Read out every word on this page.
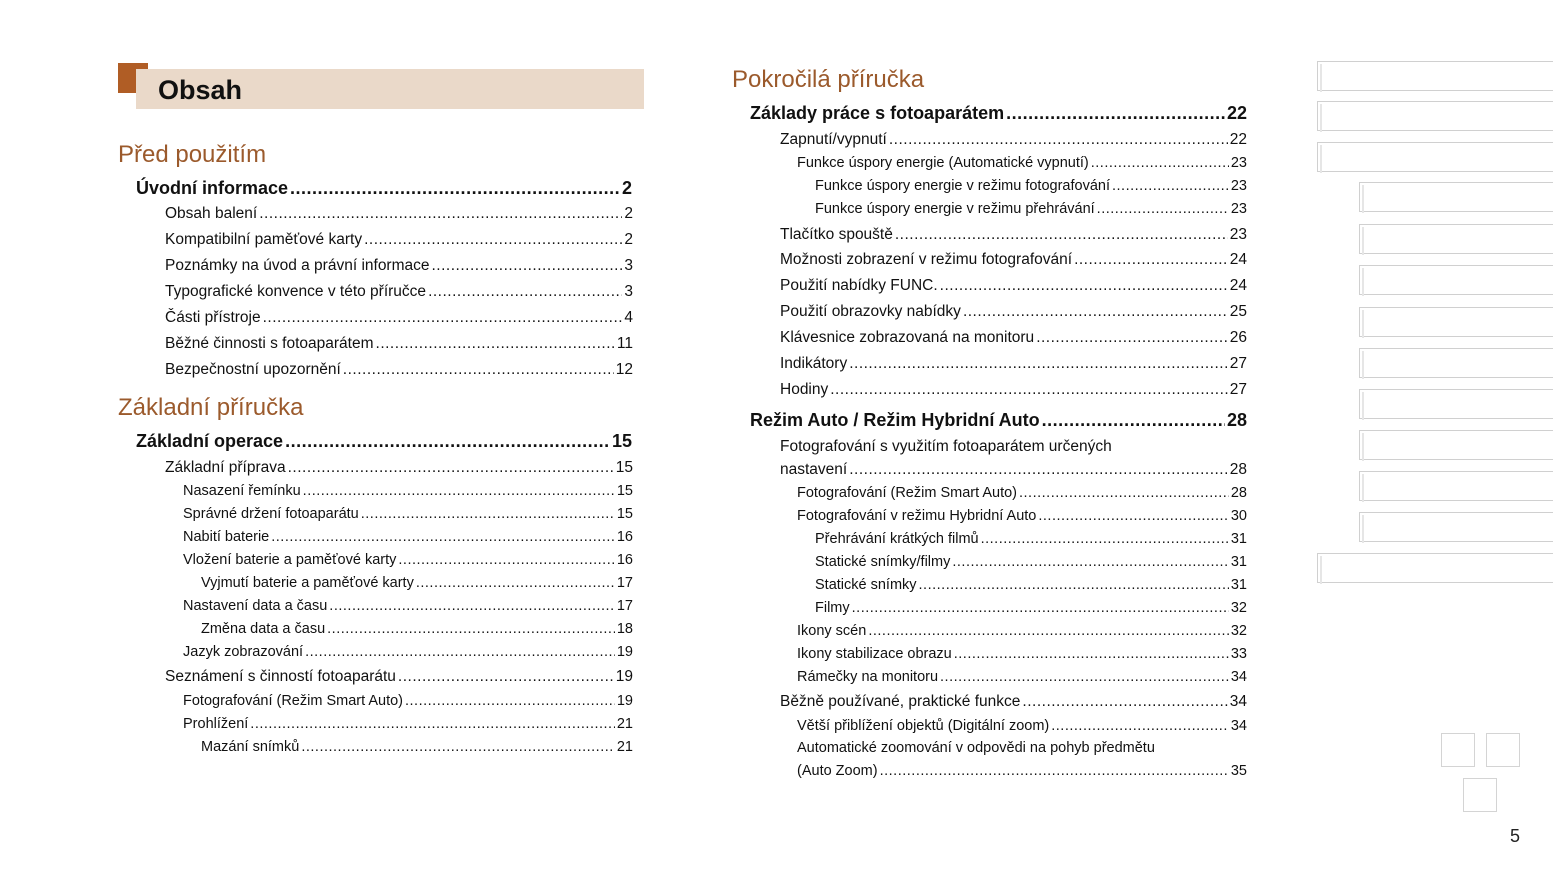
Obsah
Před použitím
Úvodní informace .....	2
Obsah balení .....	2
Kompatibilní paměťové karty .....	2
Poznámky na úvod a právní informace .....	3
Typografické konvence v této příručce .....	3
Části přístroje .....	4
Běžné činnosti s fotoaparátem .....	11
Bezpečnostní upozornění .....	12
Základní příručka
Základní operace .....	15
Základní příprava .....	15
Nasazení řemínku .....	15
Správné držení fotoaparátu .....	15
Nabití baterie .....	16
Vložení baterie a paměťové karty .....	16
Vyjmutí baterie a paměťové karty .....	17
Nastavení data a času .....	17
Změna data a času .....	18
Jazyk zobrazování .....	19
Seznámení s činností fotoaparátu .....	19
Fotografování (Režim Smart Auto) .....	19
Prohlížení .....	21
Mazání snímků .....	21
Pokročilá příručka
Základy práce s fotoaparátem .....	22
Zapnutí/vypnutí .....	22
Funkce úspory energie (Automatické vypnutí) .....	23
Funkce úspory energie v režimu fotografování .....	23
Funkce úspory energie v režimu přehrávání .....	23
Tlačítko spouště .....	23
Možnosti zobrazení v režimu fotografování .....	24
Použití nabídky FUNC. .....	24
Použití obrazovky nabídky .....	25
Klávesnice zobrazovaná na monitoru .....	26
Indikátory .....	27
Hodiny .....	27
Režim Auto / Režim Hybridní Auto .....	28
Fotografování s využitím fotoaparátem určených
nastavení .....	28
Fotografování (Režim Smart Auto) .....	28
Fotografování v režimu Hybridní Auto .....	30
Přehrávání krátkých filmů .....	31
Statické snímky/filmy .....	31
Statické snímky .....	31
Filmy .....	32
Ikony scén .....	32
Ikony stabilizace obrazu .....	33
Rámečky na monitoru .....	34
Běžně používané, praktické funkce .....	34
Větší přiblížení objektů (Digitální zoom) .....	34
Automatické zoomování v odpovědi na pohyb předmětu
(Auto Zoom) .....	35
5
